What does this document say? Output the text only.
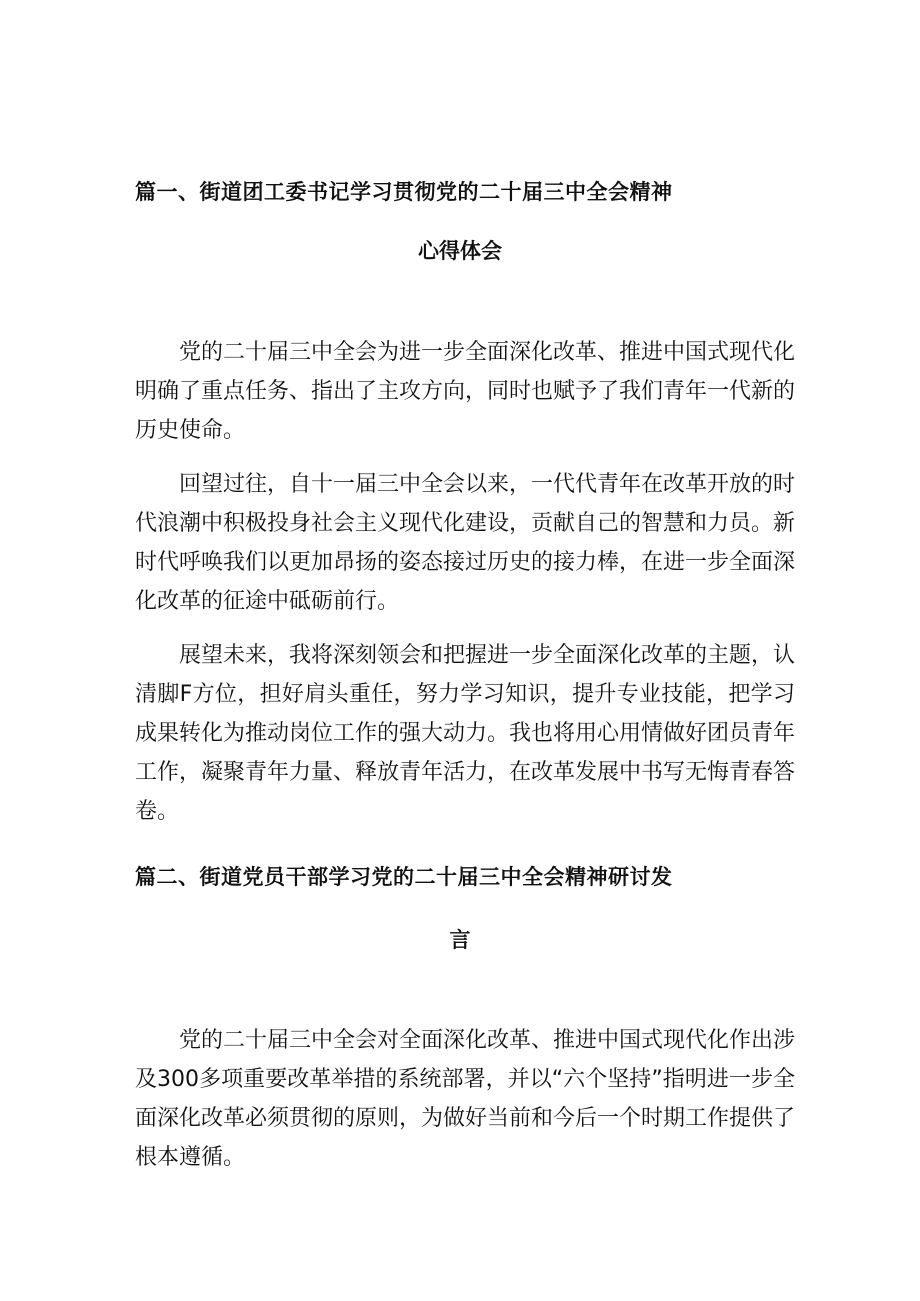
篇一、街道团工委书记学习贯彻党的二十届三中全会精神
心得体会
党的二十届三中全会为进一步全面深化改革、推进中国式现代化明确了重点任务、指出了主攻方向，同时也赋予了我们青年一代新的历史使命。
回望过往，自十一届三中全会以来，一代代青年在改革开放的时代浪潮中积极投身社会主义现代化建设，贡献自己的智慧和力员。新时代呼唤我们以更加昂扬的姿态接过历史的接力棒，在进一步全面深化改革的征途中砥砺前行。
展望未来，我将深刻领会和把握进一步全面深化改革的主题，认清脚F方位，担好肩头重任，努力学习知识，提升专业技能，把学习成果转化为推动岗位工作的强大动力。我也将用心用情做好团员青年工作，凝聚青年力量、释放青年活力，在改革发展中书写无悔青春答卷。
篇二、街道党员干部学习党的二十届三中全会精神研讨发
言
党的二十届三中全会对全面深化改革、推进中国式现代化作出涉及300多项重要改革举措的系统部署，并以“六个坚持”指明进一步全面深化改革必须贯彻的原则，为做好当前和今后一个时期工作提供了根本遵循。
